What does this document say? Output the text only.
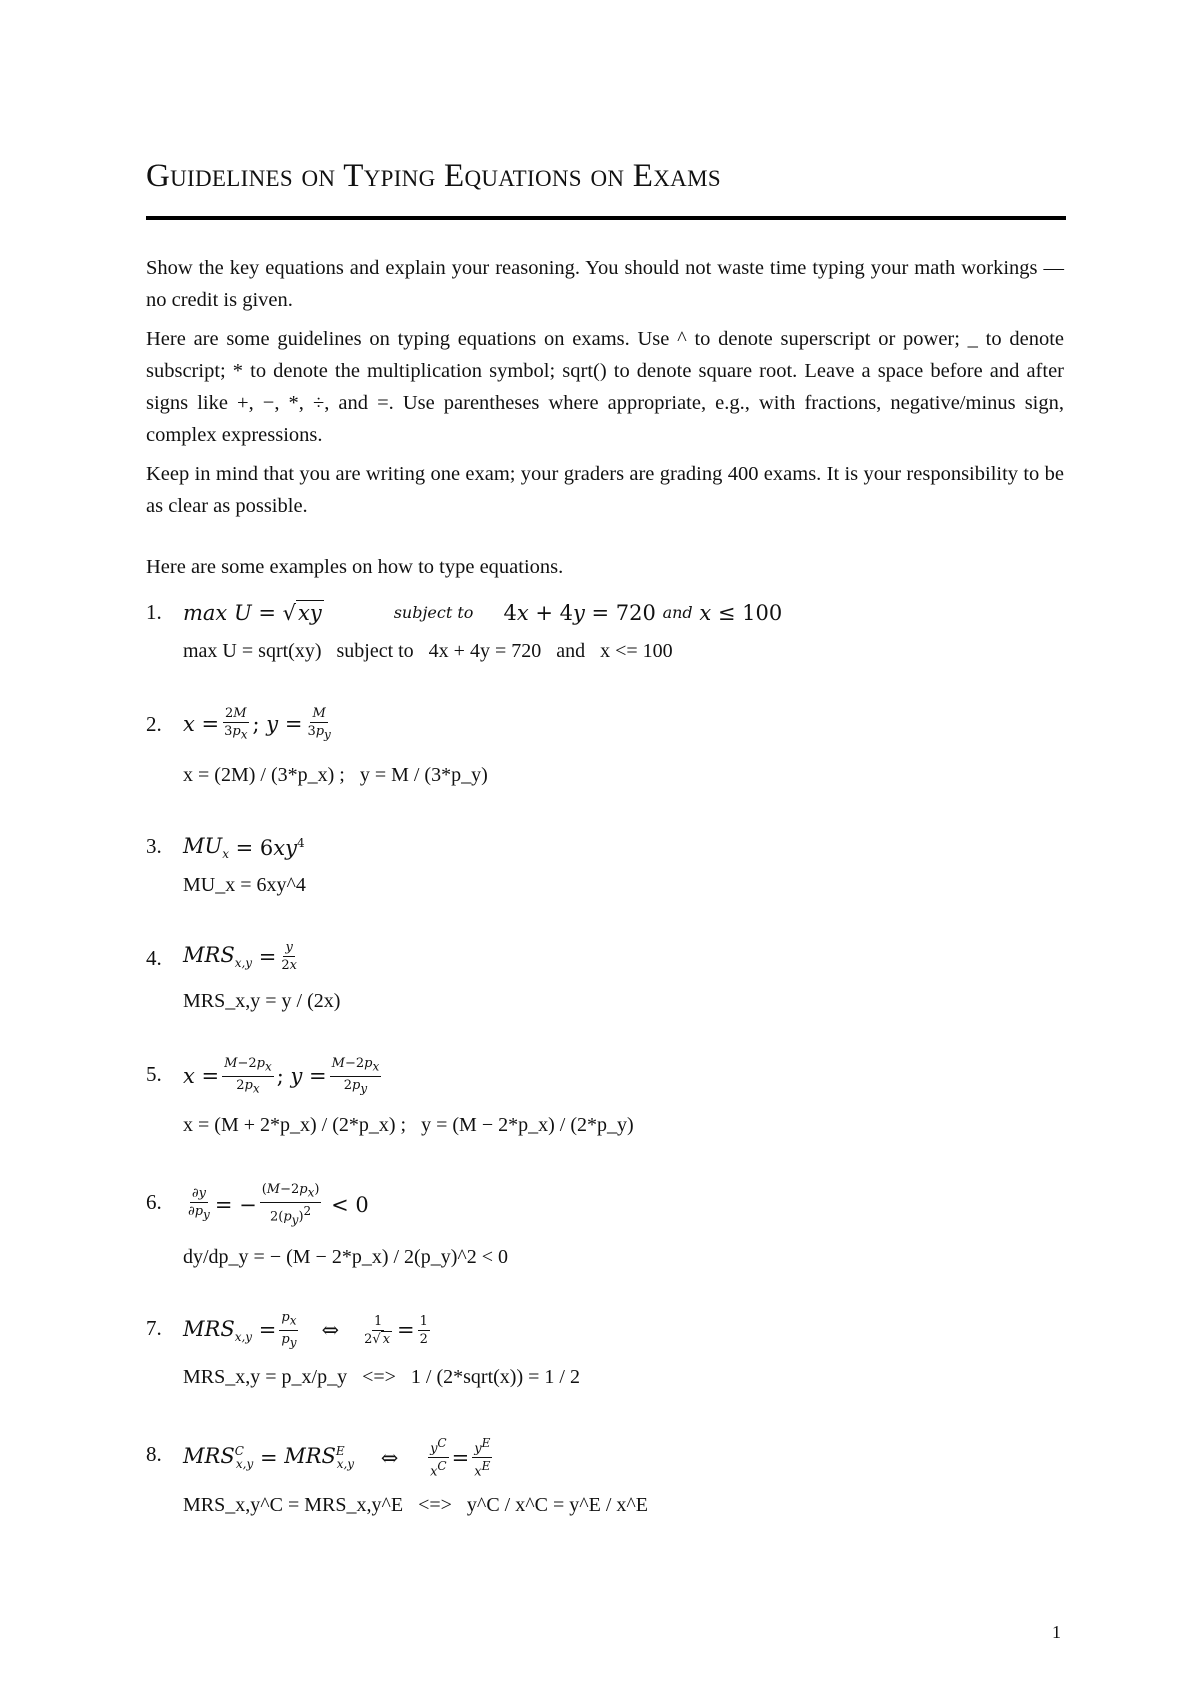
Guidelines on Typing Equations on Exams

Show the key equations and explain your reasoning. You should not waste time typing your math workings — no credit is given.

Here are some guidelines on typing equations on exams. Use ^ to denote superscript or power; _ to denote subscript; * to denote the multiplication symbol; sqrt() to denote square root. Leave a space before and after signs like +, −, *, ÷, and =. Use parentheses where appropriate, e.g., with fractions, negative/minus sign, complex expressions.

Keep in mind that you are writing one exam; your graders are grading 400 exams. It is your responsibility to be as clear as possible.

Here are some examples on how to type equations.

1. max U = √ xy	subject to 4 x + 4 y = 720 and x ≤ 100
max U = sqrt(xy)   subject to   4x + 4y = 720   and   x <= 100
2. $x = \frac{2M}{3p_x}$ ; $y = \frac{M}{3p_y}$
x = (2M) / (3*p_x) ;   y = M / (3*p_y)
3. $MU_x = 6$ $xy^4$
MU_x = 6xy^4
4. $MRS_{x,y} = \frac{y}{2x}$
MRS_x,y = y / (2x)
5. $x = \frac{M-2p_x}{2p_x}$ ; $y = \frac{M-2p_x}{2p_y}$
x = (M + 2*p_x) / (2*p_x) ;   y = (M − 2*p_x) / (2*p_y)
6. $\frac{\partial y}{\partial p_y}$ = − $\frac{(M-2p_x)}{2(p_y)^2} < 0$
dy/dp_y = − (M − 2*p_x) / 2(p_y)^2 < 0
7. $MRS_{x,y} = \frac{p_x}{p_y}$ ⇔ $\frac{1}{2√ x} = \frac{1}{2}$
MRS_x,y = p_x/p_y   <=>   1 / (2*sqrt(x)) = 1 / 2
8. $MRS^C_{x,y} = MRS^E_{x,y}$ ⇔ $\frac{y^C}{x^C} = \frac{y^E}{x^E}$
MRS_x,y^C = MRS_x,y^E   <=>   y^C / x^C = y^E / x^E
1
